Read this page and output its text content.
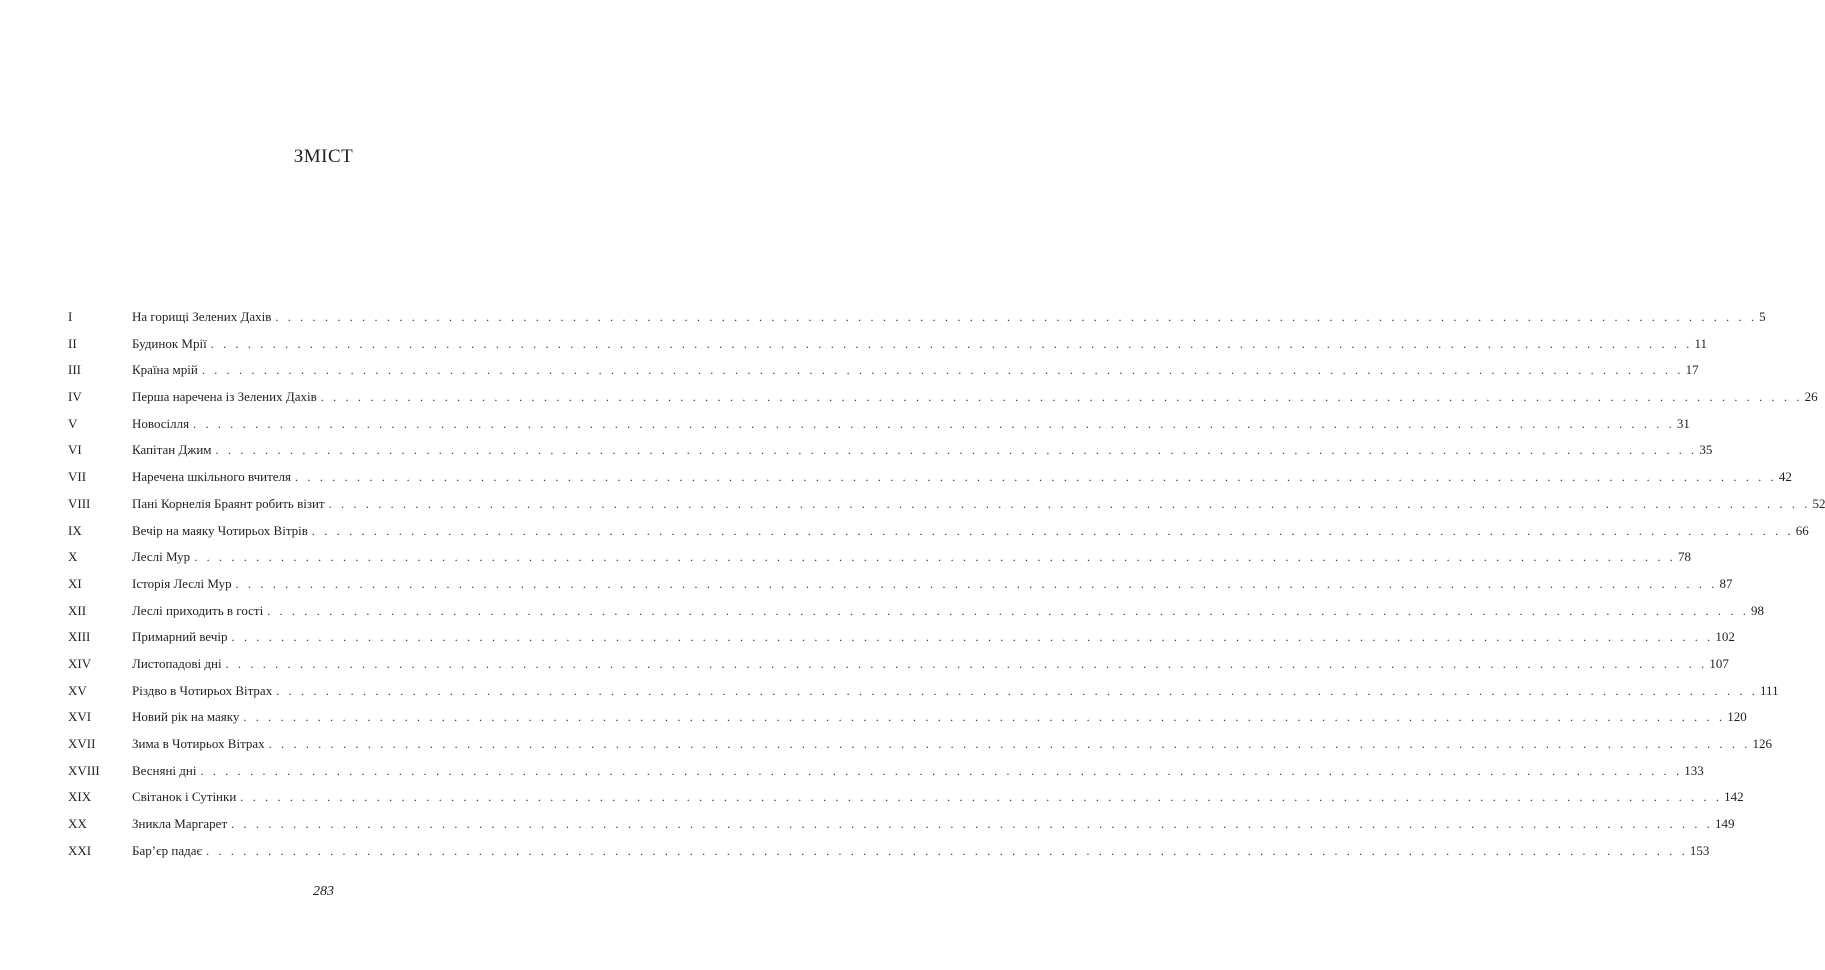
ЗМІСТ
I	На горищі Зелених Дахів . . . . . . . . . . . . . . . . . . . . . . . . . . . . . . . . . . . . . . . . . . . . . . . . . . . . . . . . . . . . . . . . . . . . . . . . . . . . . . . . . . . . . . . . . . . . . . . . . . . . . . . . . . . . . . . . . . . . . . . . 5
II	Будинок Мрії . . . . . . . . . . . . . . . . . . . . . . . . . . . . . . . . . . . . . . . . . . . . . . . . . . . . . . . . . . . . . . . . . . . . . . . . . . . . . . . . . . . . . . . . . . . . . . . . . . . . . . . . . . . . . . . . . . . . . . . . 11
III	Країна мрій . . . . . . . . . . . . . . . . . . . . . . . . . . . . . . . . . . . . . . . . . . . . . . . . . . . . . . . . . . . . . . . . . . . . . . . . . . . . . . . . . . . . . . . . . . . . . . . . . . . . . . . . . . . . . . . . . . . . . . . . 17
IV	Перша наречена із Зелених Дахів . . . . . . . . . . . . . . . . . . . . . . . . . . . . . . . . . . . . . . . . . . . . . . . . . . . . . . . . . . . . . . . . . . . . . . . . . . . . . . . . . . . . . . . . . . . . . . . . . . . . . . . . . . . . . . . . . . . . . . . . 26
V	Новосілля . . . . . . . . . . . . . . . . . . . . . . . . . . . . . . . . . . . . . . . . . . . . . . . . . . . . . . . . . . . . . . . . . . . . . . . . . . . . . . . . . . . . . . . . . . . . . . . . . . . . . . . . . . . . . . . . . . . . . . . . 31
VI	Капітан Джим . . . . . . . . . . . . . . . . . . . . . . . . . . . . . . . . . . . . . . . . . . . . . . . . . . . . . . . . . . . . . . . . . . . . . . . . . . . . . . . . . . . . . . . . . . . . . . . . . . . . . . . . . . . . . . . . . . . . . . . . 35
VII	Наречена шкільного вчителя . . . . . . . . . . . . . . . . . . . . . . . . . . . . . . . . . . . . . . . . . . . . . . . . . . . . . . . . . . . . . . . . . . . . . . . . . . . . . . . . . . . . . . . . . . . . . . . . . . . . . . . . . . . . . . . . . . . . . . . . 42
VIII	Пані Корнелія Браянт робить візит . . . . . . . . . . . . . . . . . . . . . . . . . . . . . . . . . . . . . . . . . . . . . . . . . . . . . . . . . . . . . . . . . . . . . . . . . . . . . . . . . . . . . . . . . . . . . . . . . . . . . . . . . . . . . . . . . . . . . . . . 52
IX	Вечір на маяку Чотирьох Вітрів . . . . . . . . . . . . . . . . . . . . . . . . . . . . . . . . . . . . . . . . . . . . . . . . . . . . . . . . . . . . . . . . . . . . . . . . . . . . . . . . . . . . . . . . . . . . . . . . . . . . . . . . . . . . . . . . . . . . . . . . 66
X	Леслі Мур . . . . . . . . . . . . . . . . . . . . . . . . . . . . . . . . . . . . . . . . . . . . . . . . . . . . . . . . . . . . . . . . . . . . . . . . . . . . . . . . . . . . . . . . . . . . . . . . . . . . . . . . . . . . . . . . . . . . . . . . 78
XI	Історія Леслі Мур . . . . . . . . . . . . . . . . . . . . . . . . . . . . . . . . . . . . . . . . . . . . . . . . . . . . . . . . . . . . . . . . . . . . . . . . . . . . . . . . . . . . . . . . . . . . . . . . . . . . . . . . . . . . . . . . . . . . . . . . 87
XII	Леслі приходить в гості . . . . . . . . . . . . . . . . . . . . . . . . . . . . . . . . . . . . . . . . . . . . . . . . . . . . . . . . . . . . . . . . . . . . . . . . . . . . . . . . . . . . . . . . . . . . . . . . . . . . . . . . . . . . . . . . . . . . . . . . 98
XIII	Примарний вечір . . . . . . . . . . . . . . . . . . . . . . . . . . . . . . . . . . . . . . . . . . . . . . . . . . . . . . . . . . . . . . . . . . . . . . . . . . . . . . . . . . . . . . . . . . . . . . . . . . . . . . . . . . . . . . . . . . . . . . . . 102
XIV	Листопадові дні . . . . . . . . . . . . . . . . . . . . . . . . . . . . . . . . . . . . . . . . . . . . . . . . . . . . . . . . . . . . . . . . . . . . . . . . . . . . . . . . . . . . . . . . . . . . . . . . . . . . . . . . . . . . . . . . . . . . . . . . 107
XV	Різдво в Чотирьох Вітрах . . . . . . . . . . . . . . . . . . . . . . . . . . . . . . . . . . . . . . . . . . . . . . . . . . . . . . . . . . . . . . . . . . . . . . . . . . . . . . . . . . . . . . . . . . . . . . . . . . . . . . . . . . . . . . . . . . . . . . . . 111
XVI	Новий рік на маяку . . . . . . . . . . . . . . . . . . . . . . . . . . . . . . . . . . . . . . . . . . . . . . . . . . . . . . . . . . . . . . . . . . . . . . . . . . . . . . . . . . . . . . . . . . . . . . . . . . . . . . . . . . . . . . . . . . . . . . . . 120
XVII	Зима в Чотирьох Вітрах . . . . . . . . . . . . . . . . . . . . . . . . . . . . . . . . . . . . . . . . . . . . . . . . . . . . . . . . . . . . . . . . . . . . . . . . . . . . . . . . . . . . . . . . . . . . . . . . . . . . . . . . . . . . . . . . . . . . . . . . 126
XVIII	Весняні дні . . . . . . . . . . . . . . . . . . . . . . . . . . . . . . . . . . . . . . . . . . . . . . . . . . . . . . . . . . . . . . . . . . . . . . . . . . . . . . . . . . . . . . . . . . . . . . . . . . . . . . . . . . . . . . . . . . . . . . . . 133
XIX	Світанок і Сутінки . . . . . . . . . . . . . . . . . . . . . . . . . . . . . . . . . . . . . . . . . . . . . . . . . . . . . . . . . . . . . . . . . . . . . . . . . . . . . . . . . . . . . . . . . . . . . . . . . . . . . . . . . . . . . . . . . . . . . . . . 142
XX	Зникла Маргарет . . . . . . . . . . . . . . . . . . . . . . . . . . . . . . . . . . . . . . . . . . . . . . . . . . . . . . . . . . . . . . . . . . . . . . . . . . . . . . . . . . . . . . . . . . . . . . . . . . . . . . . . . . . . . . . . . . . . . . . . 149
XXI	Бар’єр падає . . . . . . . . . . . . . . . . . . . . . . . . . . . . . . . . . . . . . . . . . . . . . . . . . . . . . . . . . . . . . . . . . . . . . . . . . . . . . . . . . . . . . . . . . . . . . . . . . . . . . . . . . . . . . . . . . . . . . . . . 153
283
